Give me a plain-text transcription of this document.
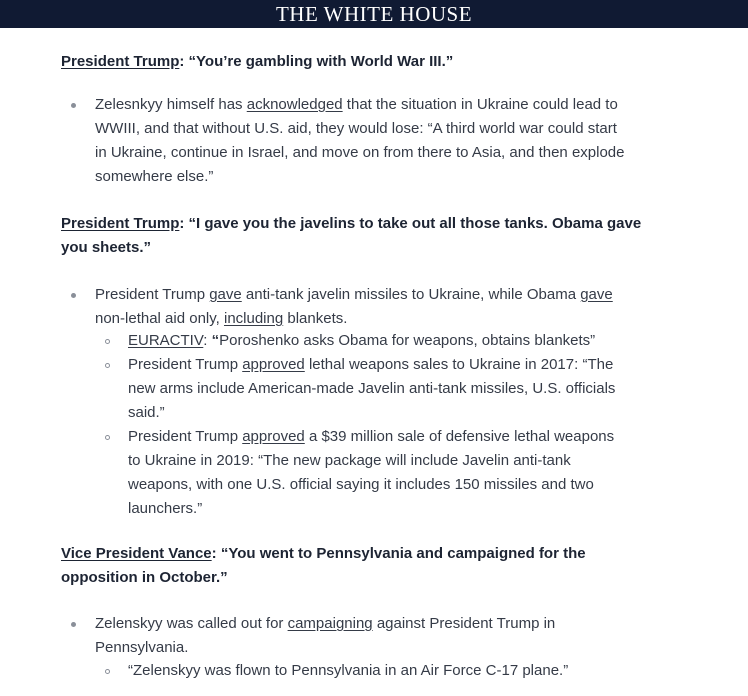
THE WHITE HOUSE
President Trump: “You’re gambling with World War III.”
Zelesnkyy himself has acknowledged that the situation in Ukraine could lead to
WWIII, and that without U.S. aid, they would lose: “A third world war could start
in Ukraine, continue in Israel, and move on from there to Asia, and then explode
somewhere else.”
President Trump: “I gave you the javelins to take out all those tanks. Obama gave
you sheets.”
President Trump gave anti-tank javelin missiles to Ukraine, while Obama gave
non-lethal aid only, including blankets.
EURACTIV: “Poroshenko asks Obama for weapons, obtains blankets”
President Trump approved lethal weapons sales to Ukraine in 2017: “The
new arms include American-made Javelin anti-tank missiles, U.S. officials
said.”
President Trump approved a $39 million sale of defensive lethal weapons
to Ukraine in 2019: “The new package will include Javelin anti-tank
weapons, with one U.S. official saying it includes 150 missiles and two
launchers.”
Vice President Vance: “You went to Pennsylvania and campaigned for the
opposition in October.”
Zelenskyy was called out for campaigning against President Trump in
Pennsylvania.
“Zelenskyy was flown to Pennsylvania in an Air Force C-17 plane.”
